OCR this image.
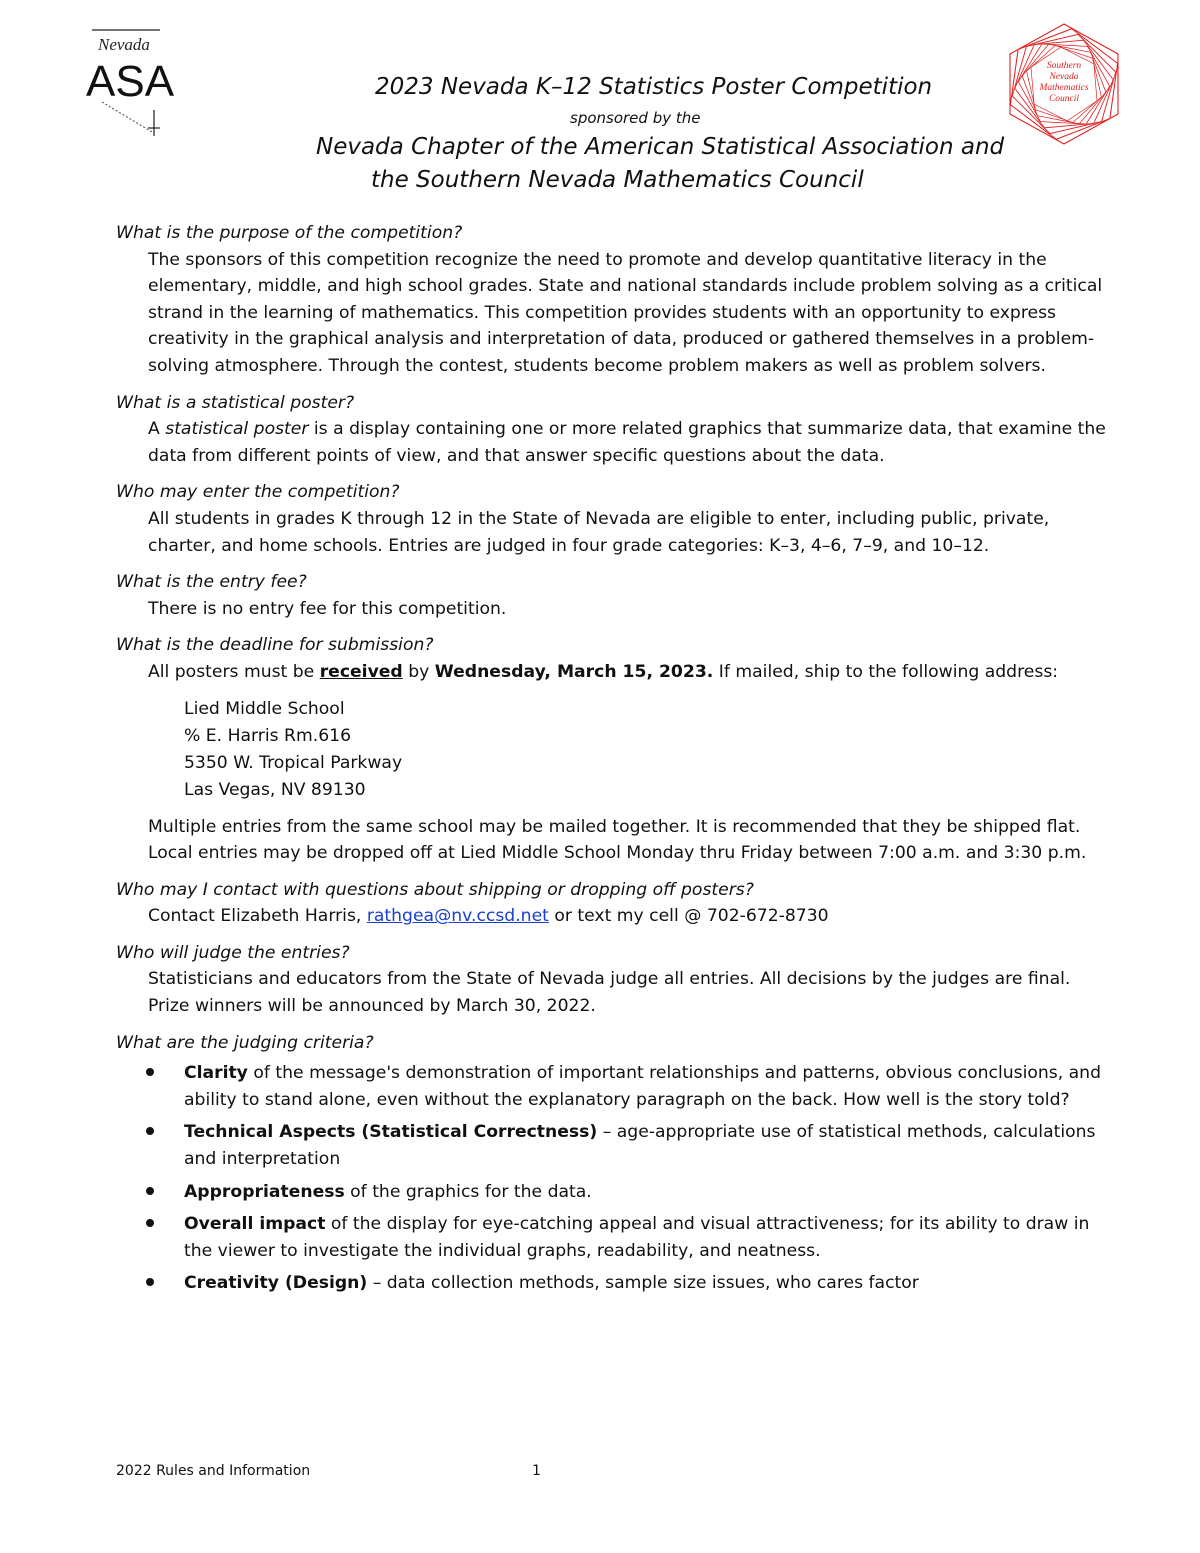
Nevada
ASA	Southern
Nevada
Mathematics
Council
2023 Nevada K–12 Statistics Poster Competition
sponsored by the
Nevada Chapter of the American Statistical Association and
the Southern Nevada Mathematics Council

What is the purpose of the competition?

The sponsors of this competition recognize the need to promote and develop quantitative literacy in the elementary, middle, and high school grades. State and national standards include problem solving as a critical strand in the learning of mathematics. This competition provides students with an opportunity to express creativity in the graphical analysis and interpretation of data, produced or gathered themselves in a problem-solving atmosphere. Through the contest, students become problem makers as well as problem solvers.

What is a statistical poster?

A statistical poster is a display containing one or more related graphics that summarize data, that examine the data from different points of view, and that answer specific questions about the data.

Who may enter the competition?

All students in grades K through 12 in the State of Nevada are eligible to enter, including public, private, charter, and home schools. Entries are judged in four grade categories: K–3, 4–6, 7–9, and 10–12.

What is the entry fee?

There is no entry fee for this competition.

What is the deadline for submission?

All posters must be received by Wednesday, March 15, 2023. If mailed, ship to the following address:

Lied Middle School
% E. Harris Rm.616
5350 W. Tropical Parkway
Las Vegas, NV 89130

Multiple entries from the same school may be mailed together. It is recommended that they be shipped flat.

Local entries may be dropped off at Lied Middle School Monday thru Friday between 7:00 a.m. and 3:30 p.m.

Who may I contact with questions about shipping or dropping off posters?

Contact Elizabeth Harris, rathgea@nv.ccsd.net or text my cell @ 702-672-8730

Who will judge the entries?

Statisticians and educators from the State of Nevada judge all entries. All decisions by the judges are final. Prize winners will be announced by March 30, 2022.

What are the judging criteria?

Clarity of the message's demonstration of important relationships and patterns, obvious conclusions, and ability to stand alone, even without the explanatory paragraph on the back. How well is the story told?
Technical Aspects (Statistical Correctness) – age-appropriate use of statistical methods, calculations and interpretation
Appropriateness of the graphics for the data.
Overall impact of the display for eye-catching appeal and visual attractiveness; for its ability to draw in the viewer to investigate the individual graphs, readability, and neatness.
Creativity (Design) – data collection methods, sample size issues, who cares factor
2022 Rules and Information	1
